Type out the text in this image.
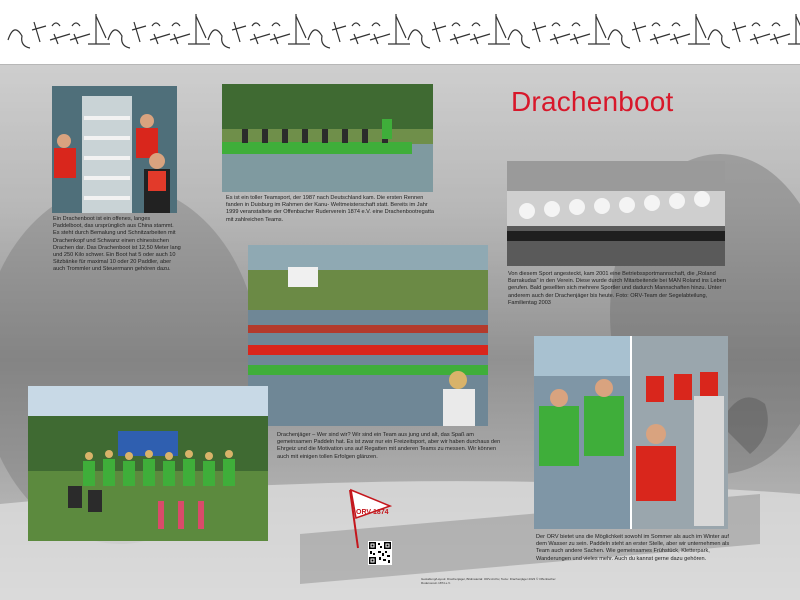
Drachenboot
Ein Drachenboot ist ein offenes, langes Paddelboot, das ursprünglich aus China stammt. Es steht durch Bemalung und Schnitzarbeiten mit Drachenkopf und Schwanz einen chinesischen Drachen dar. Das Drachenboot ist 12,50 Meter lang und 250 Kilo schwer. Ein Boot hat 5 oder auch 10 Sitzbänke für maximal 10 oder 20 Paddler, aber auch Trommler und Steuermann gehören dazu.
Es ist ein toller Teamsport, der 1987 nach Deutschland kam. Die ersten Rennen fanden in Duisburg im Rahmen der Kanu- Weltmeisterschaft statt. Bereits im Jahr 1999 veranstaltete der Offenbacher Ruderverein 1874 e.V. eine Drachenbootregatta mit zahlreichen Teams.
Von diesem Sport angesteckt, kam 2001 eine Betriebssportmannschaft, die „Roland Barrakudas“ in den Verein. Diese wurde durch Mitarbeitende bei MAN Roland ins Leben gerufen. Bald gesellten sich mehrere Sportler und dadurch Mannschaften hinzu. Unter anderem auch der Drachenjäger bis heute. Foto: ORV-Team der Segelabteilung, Familientag 2003
Drachenjäger – Wer sind wir? Wir sind ein Team aus jung und alt, das Spaß am gemeinsamen Paddeln hat. Es ist zwar nur ein Freizeitsport, aber wir haben durchaus den Ehrgeiz und die Motivation uns auf Regatten mit anderen Teams zu messen. Wir können auch mit einigen tollen Erfolgen glänzen.
Der ORV bietet uns die Möglichkeit sowohl im Sommer als auch im Winter auf dem Wasser zu sein. Paddeln steht an erster Stelle, aber wir unternehmen als Team auch andere Sachen. Wie gemeinsames Frühstück, Kletterpark, Wanderungen und vieles mehr. Auch du kannst gerne dazu gehören.
ORV 1874
Gestaltung/Layout: Drachenjäger, Bildmaterial: ORV-Archiv, Texte: Drachenjäger 2023 © Offenbacher Ruderverein 1874 e.V.
